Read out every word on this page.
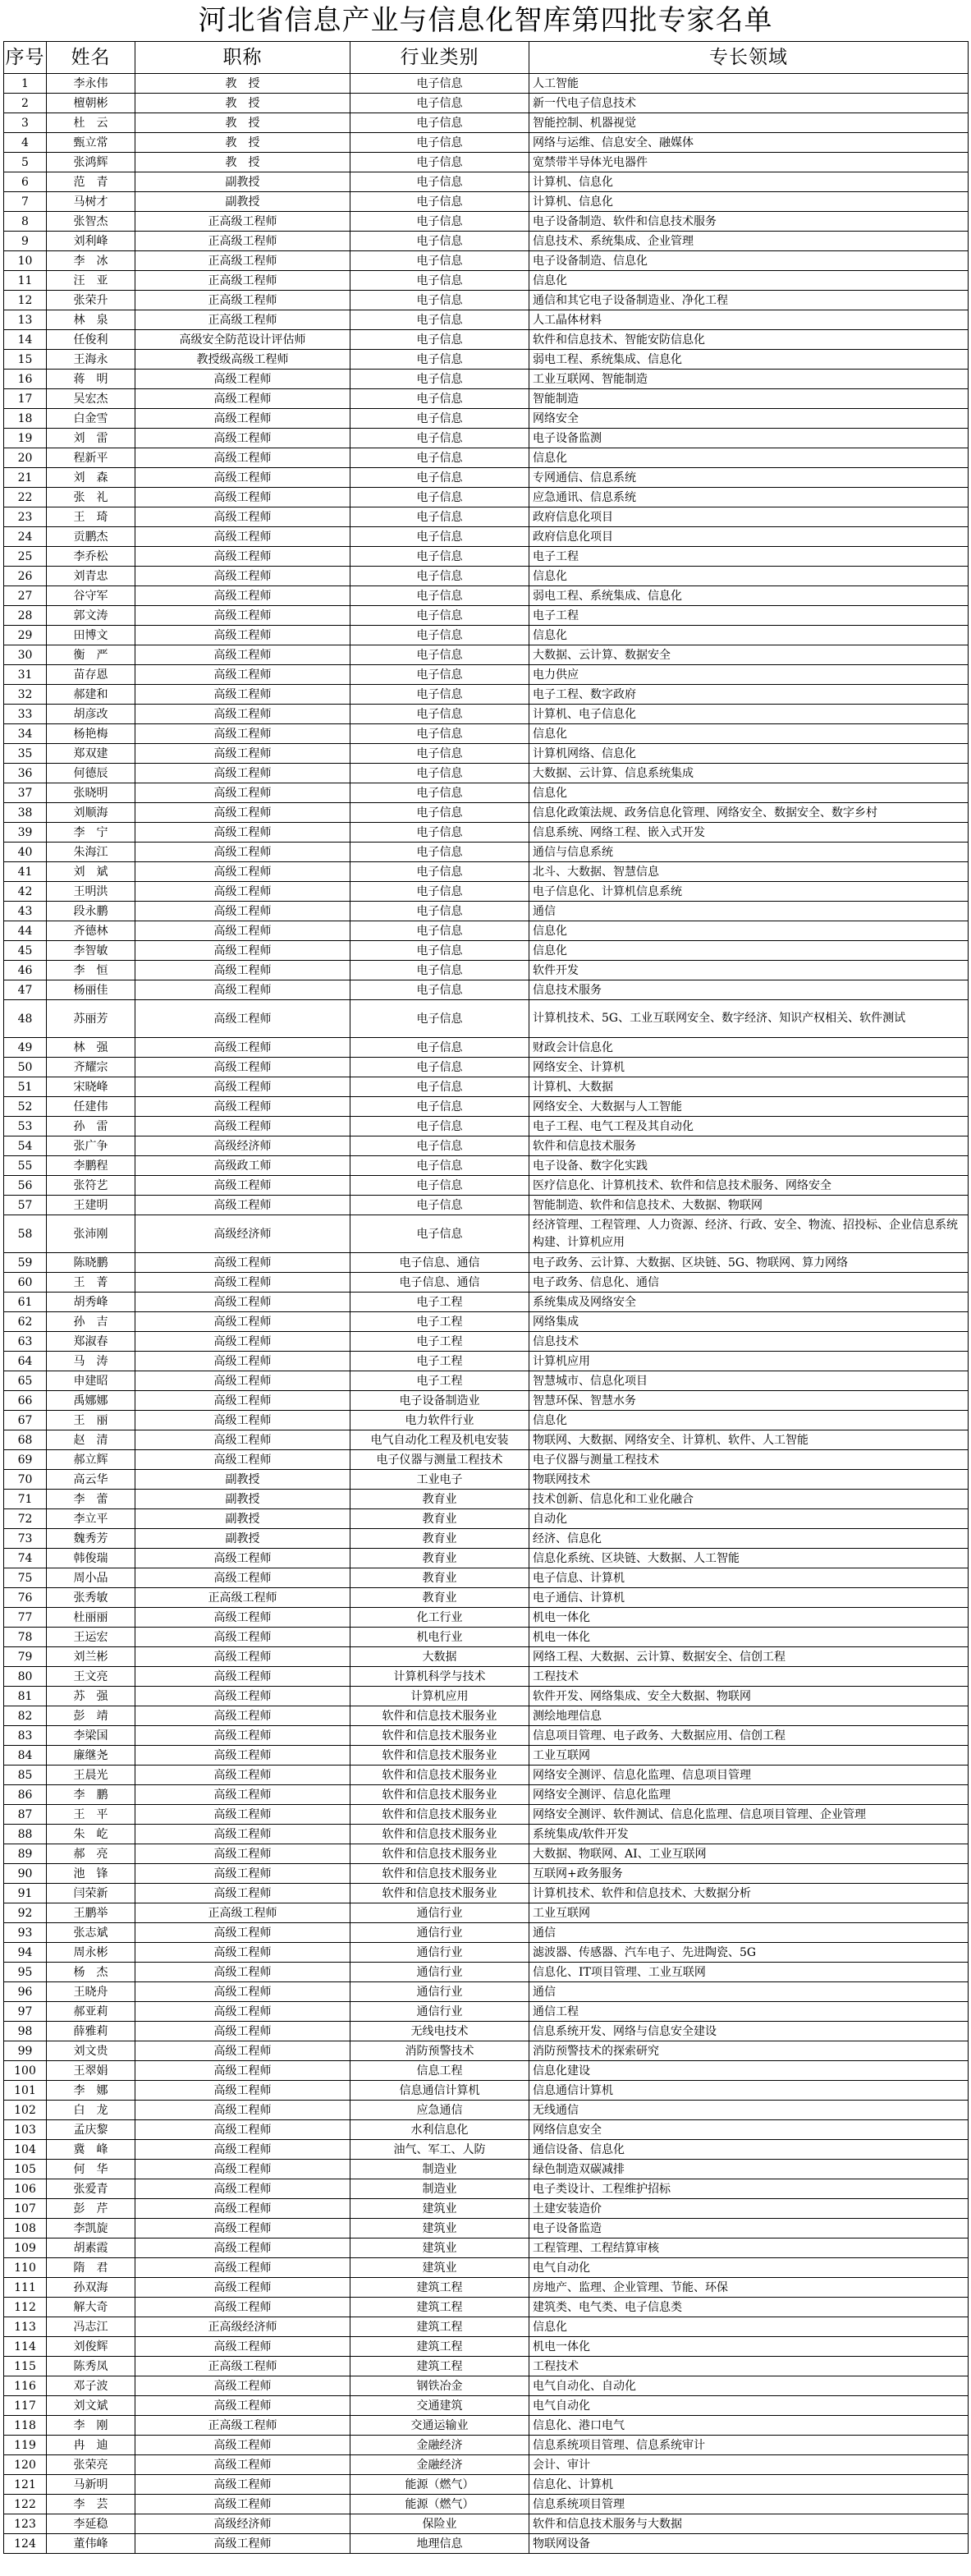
河北省信息产业与信息化智库第四批专家名单
序号	姓名	职称	行业类别	专长领域
1	李永伟	教　授	电子信息	人工智能
2	檀朝彬	教　授	电子信息	新一代电子信息技术
3	杜　云	教　授	电子信息	智能控制、机器视觉
4	甄立常	教　授	电子信息	网络与运维、信息安全、融媒体
5	张鸿辉	教　授	电子信息	宽禁带半导体光电器件
6	范　青	副教授	电子信息	计算机、信息化
7	马树才	副教授	电子信息	计算机、信息化
8	张智杰	正高级工程师	电子信息	电子设备制造、软件和信息技术服务
9	刘利峰	正高级工程师	电子信息	信息技术、系统集成、企业管理
10	李　冰	正高级工程师	电子信息	电子设备制造、信息化
11	汪　亚	正高级工程师	电子信息	信息化
12	张荣升	正高级工程师	电子信息	通信和其它电子设备制造业、净化工程
13	林　泉	正高级工程师	电子信息	人工晶体材料
14	任俊利	高级安全防范设计评估师	电子信息	软件和信息技术、智能安防信息化
15	王海永	教授级高级工程师	电子信息	弱电工程、系统集成、信息化
16	蒋　明	高级工程师	电子信息	工业互联网、智能制造
17	吴宏杰	高级工程师	电子信息	智能制造
18	白金雪	高级工程师	电子信息	网络安全
19	刘　雷	高级工程师	电子信息	电子设备监测
20	程新平	高级工程师	电子信息	信息化
21	刘　森	高级工程师	电子信息	专网通信、信息系统
22	张　礼	高级工程师	电子信息	应急通讯、信息系统
23	王　琦	高级工程师	电子信息	政府信息化项目
24	贡鹏杰	高级工程师	电子信息	政府信息化项目
25	李乔松	高级工程师	电子信息	电子工程
26	刘青忠	高级工程师	电子信息	信息化
27	谷守军	高级工程师	电子信息	弱电工程、系统集成、信息化
28	郭文涛	高级工程师	电子信息	电子工程
29	田博文	高级工程师	电子信息	信息化
30	衡　严	高级工程师	电子信息	大数据、云计算、数据安全
31	苗存恩	高级工程师	电子信息	电力供应
32	郝建和	高级工程师	电子信息	电子工程、数字政府
33	胡彦改	高级工程师	电子信息	计算机、电子信息化
34	杨艳梅	高级工程师	电子信息	信息化
35	郑双建	高级工程师	电子信息	计算机网络、信息化
36	何德辰	高级工程师	电子信息	大数据、云计算、信息系统集成
37	张晓明	高级工程师	电子信息	信息化
38	刘顺海	高级工程师	电子信息	信息化政策法规、政务信息化管理、网络安全、数据安全、数字乡村
39	李　宁	高级工程师	电子信息	信息系统、网络工程、嵌入式开发
40	朱海江	高级工程师	电子信息	通信与信息系统
41	刘　斌	高级工程师	电子信息	北斗、大数据、智慧信息
42	王明洪	高级工程师	电子信息	电子信息化、计算机信息系统
43	段永鹏	高级工程师	电子信息	通信
44	齐德林	高级工程师	电子信息	信息化
45	李智敏	高级工程师	电子信息	信息化
46	李　恒	高级工程师	电子信息	软件开发
47	杨丽佳	高级工程师	电子信息	信息技术服务
48	苏丽芳	高级工程师	电子信息	计算机技术、5G、工业互联网安全、数字经济、知识产权相关、软件测试
49	林　强	高级工程师	电子信息	财政会计信息化
50	齐耀宗	高级工程师	电子信息	网络安全、计算机
51	宋晓峰	高级工程师	电子信息	计算机、大数据
52	任建伟	高级工程师	电子信息	网络安全、大数据与人工智能
53	孙　雷	高级工程师	电子信息	电子工程、电气工程及其自动化
54	张广争	高级经济师	电子信息	软件和信息技术服务
55	李鹏程	高级政工师	电子信息	电子设备、数字化实践
56	张符艺	高级工程师	电子信息	医疗信息化、计算机技术、软件和信息技术服务、网络安全
57	王建明	高级工程师	电子信息	智能制造、软件和信息技术、大数据、物联网
58	张沛刚	高级经济师	电子信息	经济管理、工程管理、人力资源、经济、行政、安全、物流、招投标、企业信息系统构建、计算机应用
59	陈晓鹏	高级工程师	电子信息、通信	电子政务、云计算、大数据、区块链、5G、物联网、算力网络
60	王　菁	高级工程师	电子信息、通信	电子政务、信息化、通信
61	胡秀峰	高级工程师	电子工程	系统集成及网络安全
62	孙　吉	高级工程师	电子工程	网络集成
63	郑淑春	高级工程师	电子工程	信息技术
64	马　涛	高级工程师	电子工程	计算机应用
65	申建昭	高级工程师	电子工程	智慧城市、信息化项目
66	禹娜娜	高级工程师	电子设备制造业	智慧环保、智慧水务
67	王　丽	高级工程师	电力软件行业	信息化
68	赵　清	高级工程师	电气自动化工程及机电安装	物联网、大数据、网络安全、计算机、软件、人工智能
69	郝立辉	高级工程师	电子仪器与测量工程技术	电子仪器与测量工程技术
70	高云华	副教授	工业电子	物联网技术
71	李　蕾	副教授	教育业	技术创新、信息化和工业化融合
72	李立平	副教授	教育业	自动化
73	魏秀芳	副教授	教育业	经济、信息化
74	韩俊瑞	高级工程师	教育业	信息化系统、区块链、大数据、人工智能
75	周小品	高级工程师	教育业	电子信息、计算机
76	张秀敏	正高级工程师	教育业	电子通信、计算机
77	杜丽丽	高级工程师	化工行业	机电一体化
78	王运宏	高级工程师	机电行业	机电一体化
79	刘兰彬	高级工程师	大数据	网络工程、大数据、云计算、数据安全、信创工程
80	王文亮	高级工程师	计算机科学与技术	工程技术
81	苏　强	高级工程师	计算机应用	软件开发、网络集成、安全大数据、物联网
82	彭　靖	高级工程师	软件和信息技术服务业	测绘地理信息
83	李梁国	高级工程师	软件和信息技术服务业	信息项目管理、电子政务、大数据应用、信创工程
84	廉继尧	高级工程师	软件和信息技术服务业	工业互联网
85	王晨光	高级工程师	软件和信息技术服务业	网络安全测评、信息化监理、信息项目管理
86	李　鹏	高级工程师	软件和信息技术服务业	网络安全测评、信息化监理
87	王　平	高级工程师	软件和信息技术服务业	网络安全测评、软件测试、信息化监理、信息项目管理、企业管理
88	朱　屹	高级工程师	软件和信息技术服务业	系统集成/软件开发
89	郝　亮	高级工程师	软件和信息技术服务业	大数据、物联网、AI、工业互联网
90	池　锋	高级工程师	软件和信息技术服务业	互联网+政务服务
91	闫荣新	高级工程师	软件和信息技术服务业	计算机技术、软件和信息技术、大数据分析
92	王鹏举	正高级工程师	通信行业	工业互联网
93	张志斌	高级工程师	通信行业	通信
94	周永彬	高级工程师	通信行业	滤波器、传感器、汽车电子、先进陶瓷、5G
95	杨　杰	高级工程师	通信行业	信息化、IT项目管理、工业互联网
96	王晓舟	高级工程师	通信行业	通信
97	郝亚莉	高级工程师	通信行业	通信工程
98	薛雅莉	高级工程师	无线电技术	信息系统开发、网络与信息安全建设
99	刘文贵	高级工程师	消防预警技术	消防预警技术的探索研究
100	王翠娟	高级工程师	信息工程	信息化建设
101	李　娜	高级工程师	信息通信计算机	信息通信计算机
102	白　龙	高级工程师	应急通信	无线通信
103	孟庆黎	高级工程师	水利信息化	网络信息安全
104	冀　峰	高级工程师	油气、军工、人防	通信设备、信息化
105	何　华	高级工程师	制造业	绿色制造双碳减排
106	张爱青	高级工程师	制造业	电子类设计、工程维护招标
107	彭　芹	高级工程师	建筑业	土建安装造价
108	李凯旋	高级工程师	建筑业	电子设备监造
109	胡素霞	高级工程师	建筑业	工程管理、工程结算审核
110	隋　君	高级工程师	建筑业	电气自动化
111	孙双海	高级工程师	建筑工程	房地产、监理、企业管理、节能、环保
112	解大奇	高级工程师	建筑工程	建筑类、电气类、电子信息类
113	冯志江	正高级经济师	建筑工程	信息化
114	刘俊辉	高级工程师	建筑工程	机电一体化
115	陈秀凤	正高级工程师	建筑工程	工程技术
116	邓子波	高级工程师	钢铁冶金	电气自动化、自动化
117	刘文斌	高级工程师	交通建筑	电气自动化
118	李　刚	正高级工程师	交通运输业	信息化、港口电气
119	冉　迪	高级工程师	金融经济	信息系统项目管理、信息系统审计
120	张荣亮	高级工程师	金融经济	会计、审计
121	马新明	高级工程师	能源（燃气）	信息化、计算机
122	李　芸	高级工程师	能源（燃气）	信息系统项目管理
123	李延稳	高级经济师	保险业	软件和信息技术服务与大数据
124	董伟峰	高级工程师	地理信息	物联网设备
